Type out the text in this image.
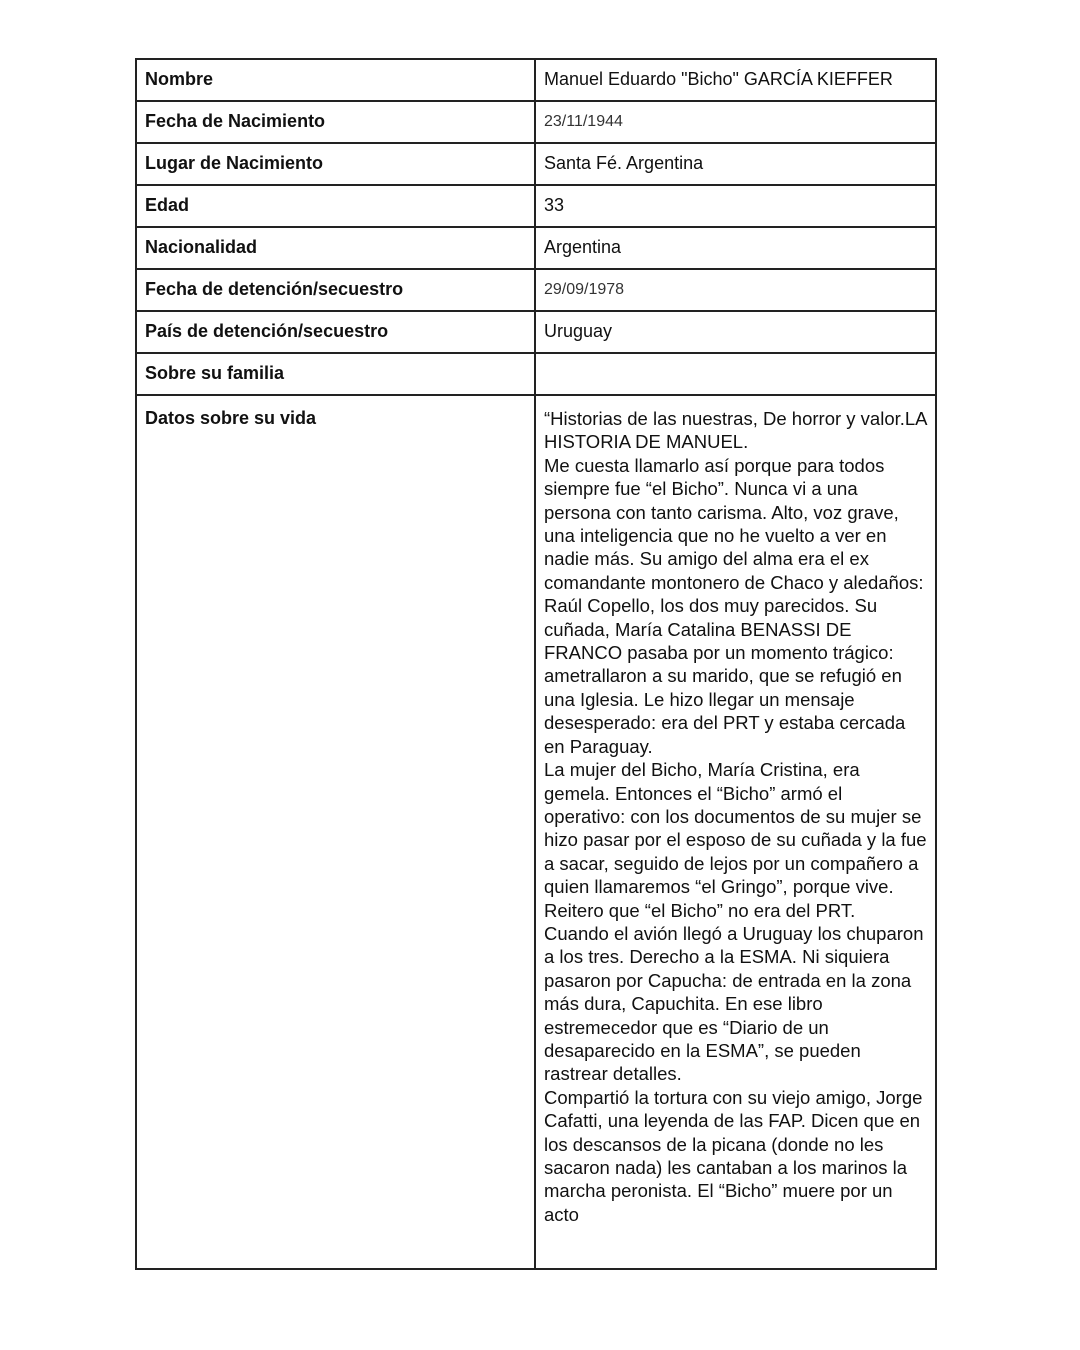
Nombre	Manuel Eduardo "Bicho" GARCÍA KIEFFER
Fecha de Nacimiento	23/11/1944
Lugar de Nacimiento	Santa Fé. Argentina
Edad	33
Nacionalidad	Argentina
Fecha de detención/secuestro	29/09/1978
País de detención/secuestro	Uruguay
Sobre su familia	
Datos sobre su vida	“Historias de las nuestras, De horror y valor.LA HISTORIA DE MANUEL.
Me cuesta llamarlo así porque para todos siempre fue “el Bicho”. Nunca vi a una persona con tanto carisma. Alto, voz grave, una inteligencia que no he vuelto a ver en nadie más. Su amigo del alma era el ex comandante montonero de Chaco y aledaños: Raúl Copello, los dos muy parecidos. Su cuñada, María Catalina BENASSI DE FRANCO pasaba por un momento trágico: ametrallaron a su marido, que se refugió en una Iglesia. Le hizo llegar un mensaje desesperado: era del PRT y estaba cercada en Paraguay.
La mujer del Bicho, María Cristina, era gemela. Entonces el “Bicho” armó el operativo: con los documentos de su mujer se hizo pasar por el esposo de su cuñada y la fue a sacar, seguido de lejos por un compañero a quien llamaremos “el Gringo”, porque vive. Reitero que “el Bicho” no era del PRT.
Cuando el avión llegó a Uruguay los chuparon a los tres. Derecho a la ESMA. Ni siquiera pasaron por Capucha: de entrada en la zona más dura, Capuchita. En ese libro estremecedor que es “Diario de un desaparecido en la ESMA”, se pueden rastrear detalles.
Compartió la tortura con su viejo amigo, Jorge Cafatti, una leyenda de las FAP. Dicen que en los descansos de la picana (donde no les sacaron nada) les cantaban a los marinos la marcha peronista. El “Bicho” muere por un acto
